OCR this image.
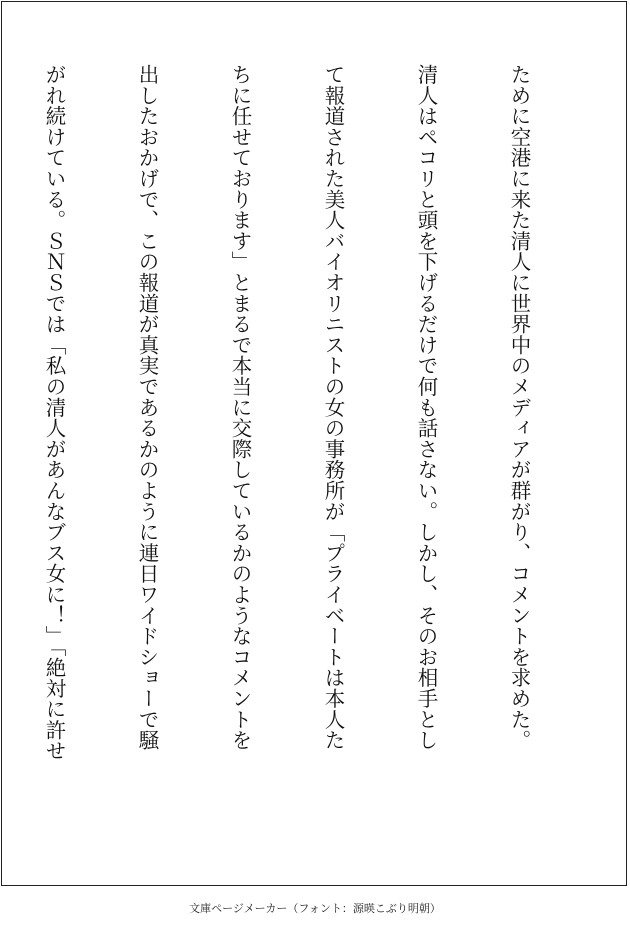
ために空港に来た清人に世界中のメディアが群がり、コメントを求めた。

清人はペコリと頭を下げるだけで何も話さない。しかし、そのお相手とし

て報道された美人バイオリニストの女の事務所が「プライベートは本人た

ちに任せております」とまるで本当に交際しているかのようなコメントを

出したおかげで、この報道が真実であるかのように連日ワイドショーで騒

がれ続けている。ＳＮＳでは「私の清人があんなブス女に！」「絶対に許せ

文庫ページメーカー（フォント：源暎こぶり明朝）
